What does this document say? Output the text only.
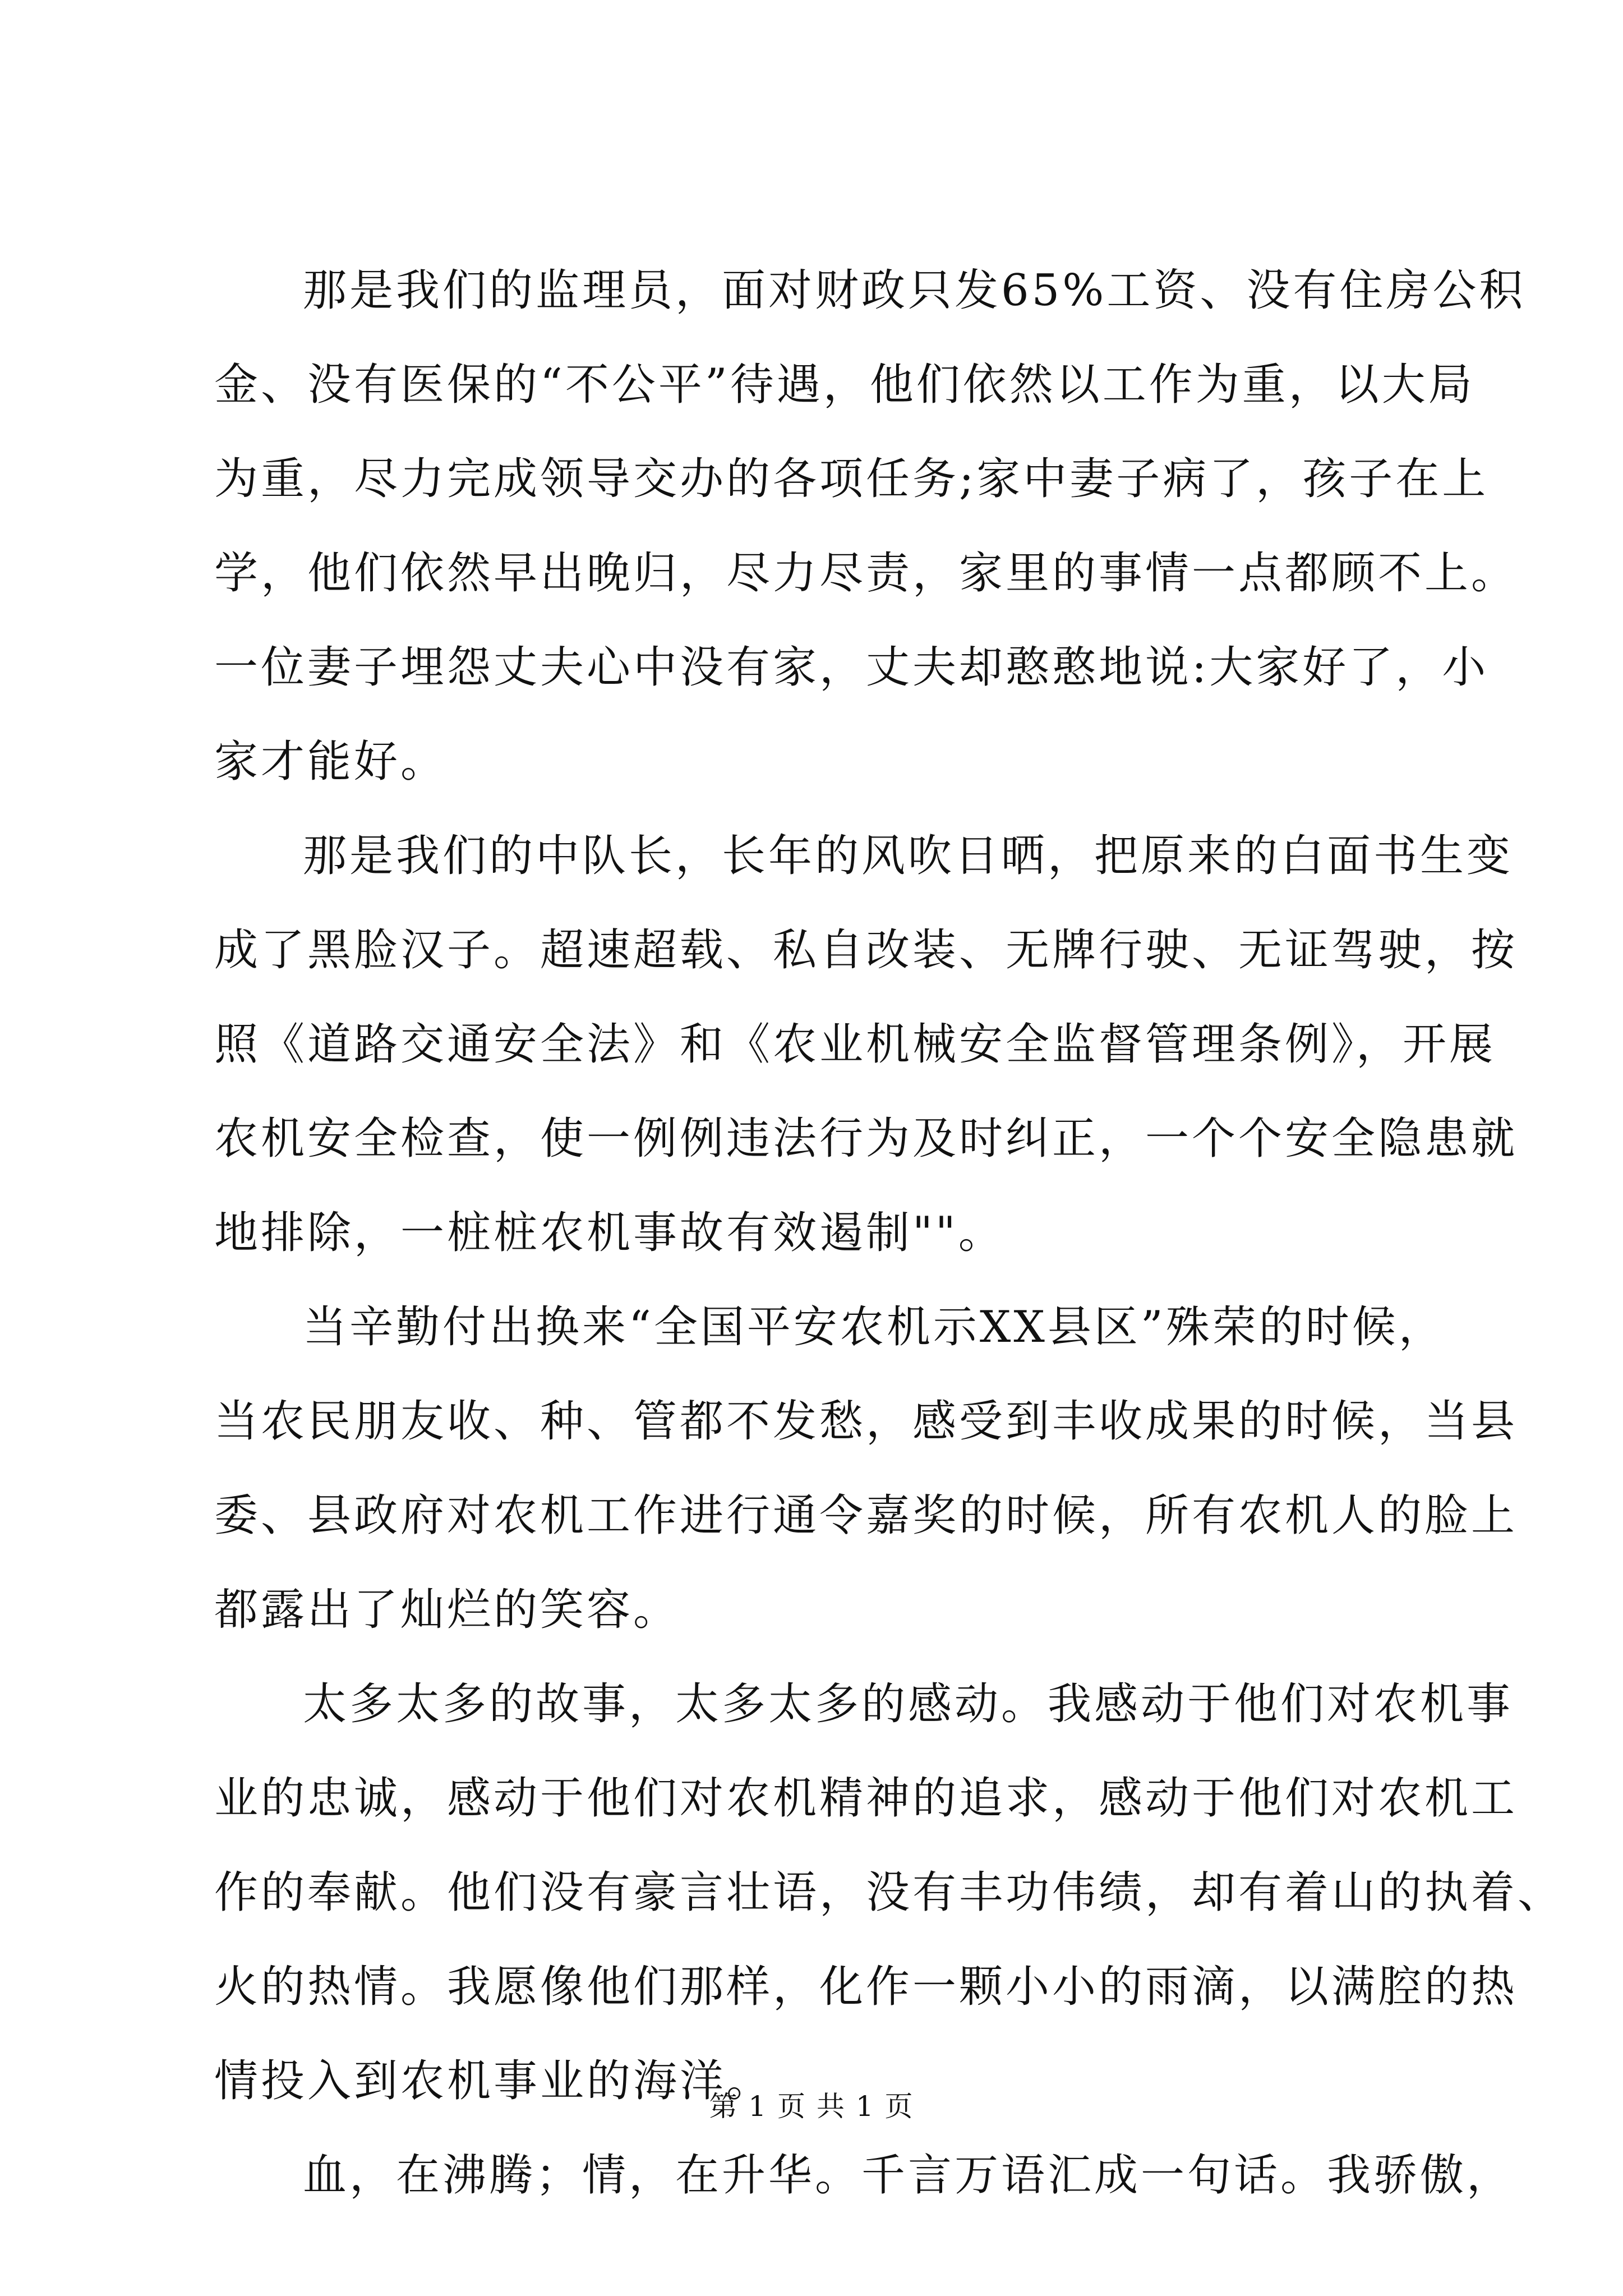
那是我们的监理员，面对财政只发65%工资、没有住房公积
金、没有医保的“不公平”待遇，他们依然以工作为重，以大局
为重，尽力完成领导交办的各项任务;家中妻子病了，孩子在上
学，他们依然早出晚归，尽力尽责，家里的事情一点都顾不上。
一位妻子埋怨丈夫心中没有家，丈夫却憨憨地说:大家好了，小
家才能好。
那是我们的中队长，长年的风吹日晒，把原来的白面书生变
成了黑脸汉子。超速超载、私自改装、无牌行驶、无证驾驶，按
照《道路交通安全法》和《农业机械安全监督管理条例》，开展
农机安全检查，使一例例违法行为及时纠正，一个个安全隐患就
地排除，一桩桩农机事故有效遏制""。
当辛勤付出换来“全国平安农机示XX县区”殊荣的时候，
当农民朋友收、种、管都不发愁，感受到丰收成果的时候，当县
委、县政府对农机工作进行通令嘉奖的时候，所有农机人的脸上
都露出了灿烂的笑容。
太多太多的故事，太多太多的感动。我感动于他们对农机事
业的忠诚，感动于他们对农机精神的追求，感动于他们对农机工
作的奉献。他们没有豪言壮语，没有丰功伟绩，却有着山的执着、
火的热情。我愿像他们那样，化作一颗小小的雨滴，以满腔的热
情投入到农机事业的海洋。
血，在沸腾；情，在升华。千言万语汇成一句话。我骄傲，
第 1 页 共 1 页
